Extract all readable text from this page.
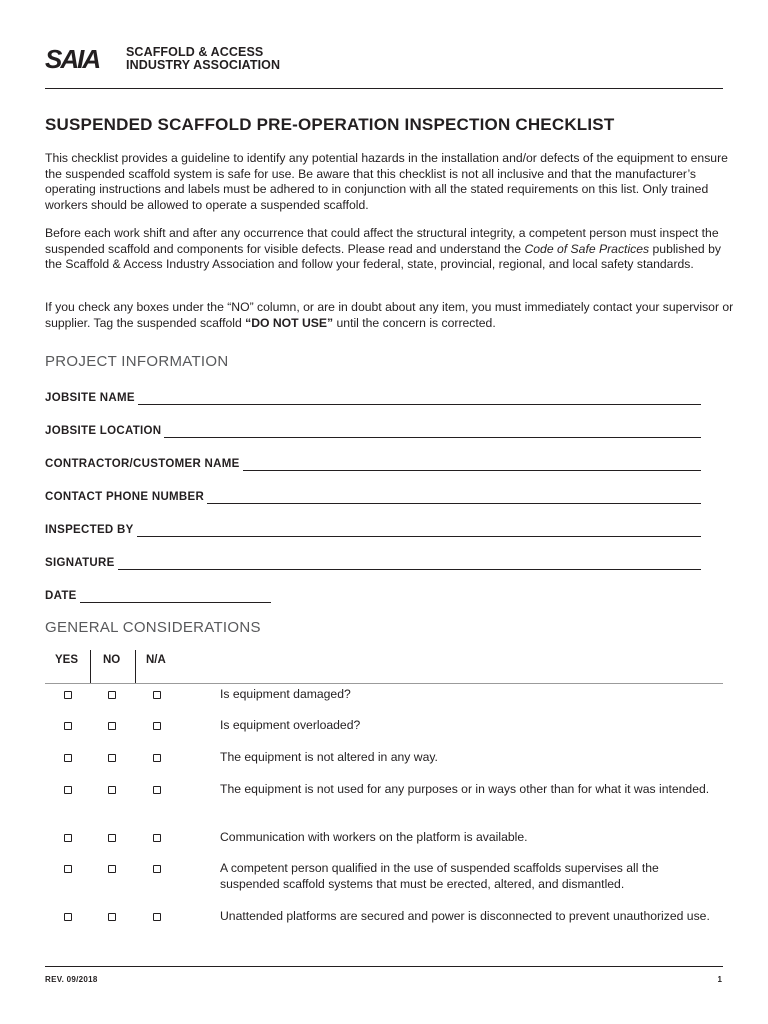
SAIA SCAFFOLD & ACCESS
INDUSTRY ASSOCIATION
SUSPENDED SCAFFOLD PRE-OPERATION INSPECTION CHECKLIST

This checklist provides a guideline to identify any potential hazards in the installation and/or defects of the equipment to ensure the suspended scaffold system is safe for use. Be aware that this checklist is not all inclusive and that the manufacturer’s operating instructions and labels must be adhered to in conjunction with all the stated requirements on this list. Only trained workers should be allowed to operate a suspended scaffold.

Before each work shift and after any occurrence that could affect the structural integrity, a competent person must inspect the suspended scaffold and components for visible defects. Please read and understand the Code of Safe Practices published by the Scaffold & Access Industry Association and follow your federal, state, provincial, regional, and local safety standards.

If you check any boxes under the “NO” column, or are in doubt about any item, you must immediately contact your supervisor or supplier. Tag the suspended scaffold “DO NOT USE” until the concern is corrected.

PROJECT INFORMATION
JOBSITE NAME
JOBSITE LOCATION
CONTRACTOR/CUSTOMER NAME
CONTACT PHONE NUMBER
INSPECTED BY
SIGNATURE
DATE
GENERAL CONSIDERATIONS
YES NO N/A
Is equipment damaged?
Is equipment overloaded?
The equipment is not altered in any way.
The equipment is not used for any purposes or in ways other than for what it was intended.
Communication with workers on the platform is available.
A competent person qualified in the use of suspended scaffolds supervises all the suspended scaffold systems that must be erected, altered, and dismantled.
Unattended platforms are secured and power is disconnected to prevent unauthorized use.
REV. 09/2018	1
